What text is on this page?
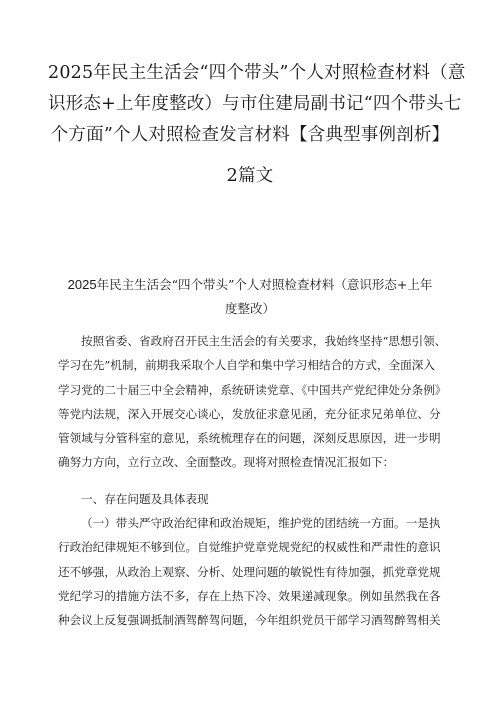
2025年民主生活会“四个带头”个人对照检查材料（意
识形态+上年度整改）与市住建局副书记“四个带头七
个方面”个人对照检查发言材料【含典型事例剖析】
2篇文
2025年民主生活会“四个带头”个人对照检查材料（意识形态+上年
度整改）
按照省委、省政府召开民主生活会的有关要求，我始终坚持“思想引领、
学习在先”机制，前期我采取个人自学和集中学习相结合的方式，全面深入
学习党的二十届三中全会精神，系统研读党章、《中国共产党纪律处分条例》
等党内法规，深入开展交心谈心，发放征求意见函，充分征求兄弟单位、分
管领域与分管科室的意见，系统梳理存在的问题，深刻反思原因，进一步明
确努力方向，立行立改、全面整改。现将对照检查情况汇报如下：
一、存在问题及具体表现
（一）带头严守政治纪律和政治规矩，维护党的团结统一方面。一是执
行政治纪律规矩不够到位。自觉维护党章党规党纪的权威性和严肃性的意识
还不够强，从政治上观察、分析、处理问题的敏锐性有待加强，抓党章党规
党纪学习的措施方法不多，存在上热下冷、效果递减现象。例如虽然我在各
种会议上反复强调抵制酒驾醉驾问题，今年组织党员干部学习酒驾醉驾相关
